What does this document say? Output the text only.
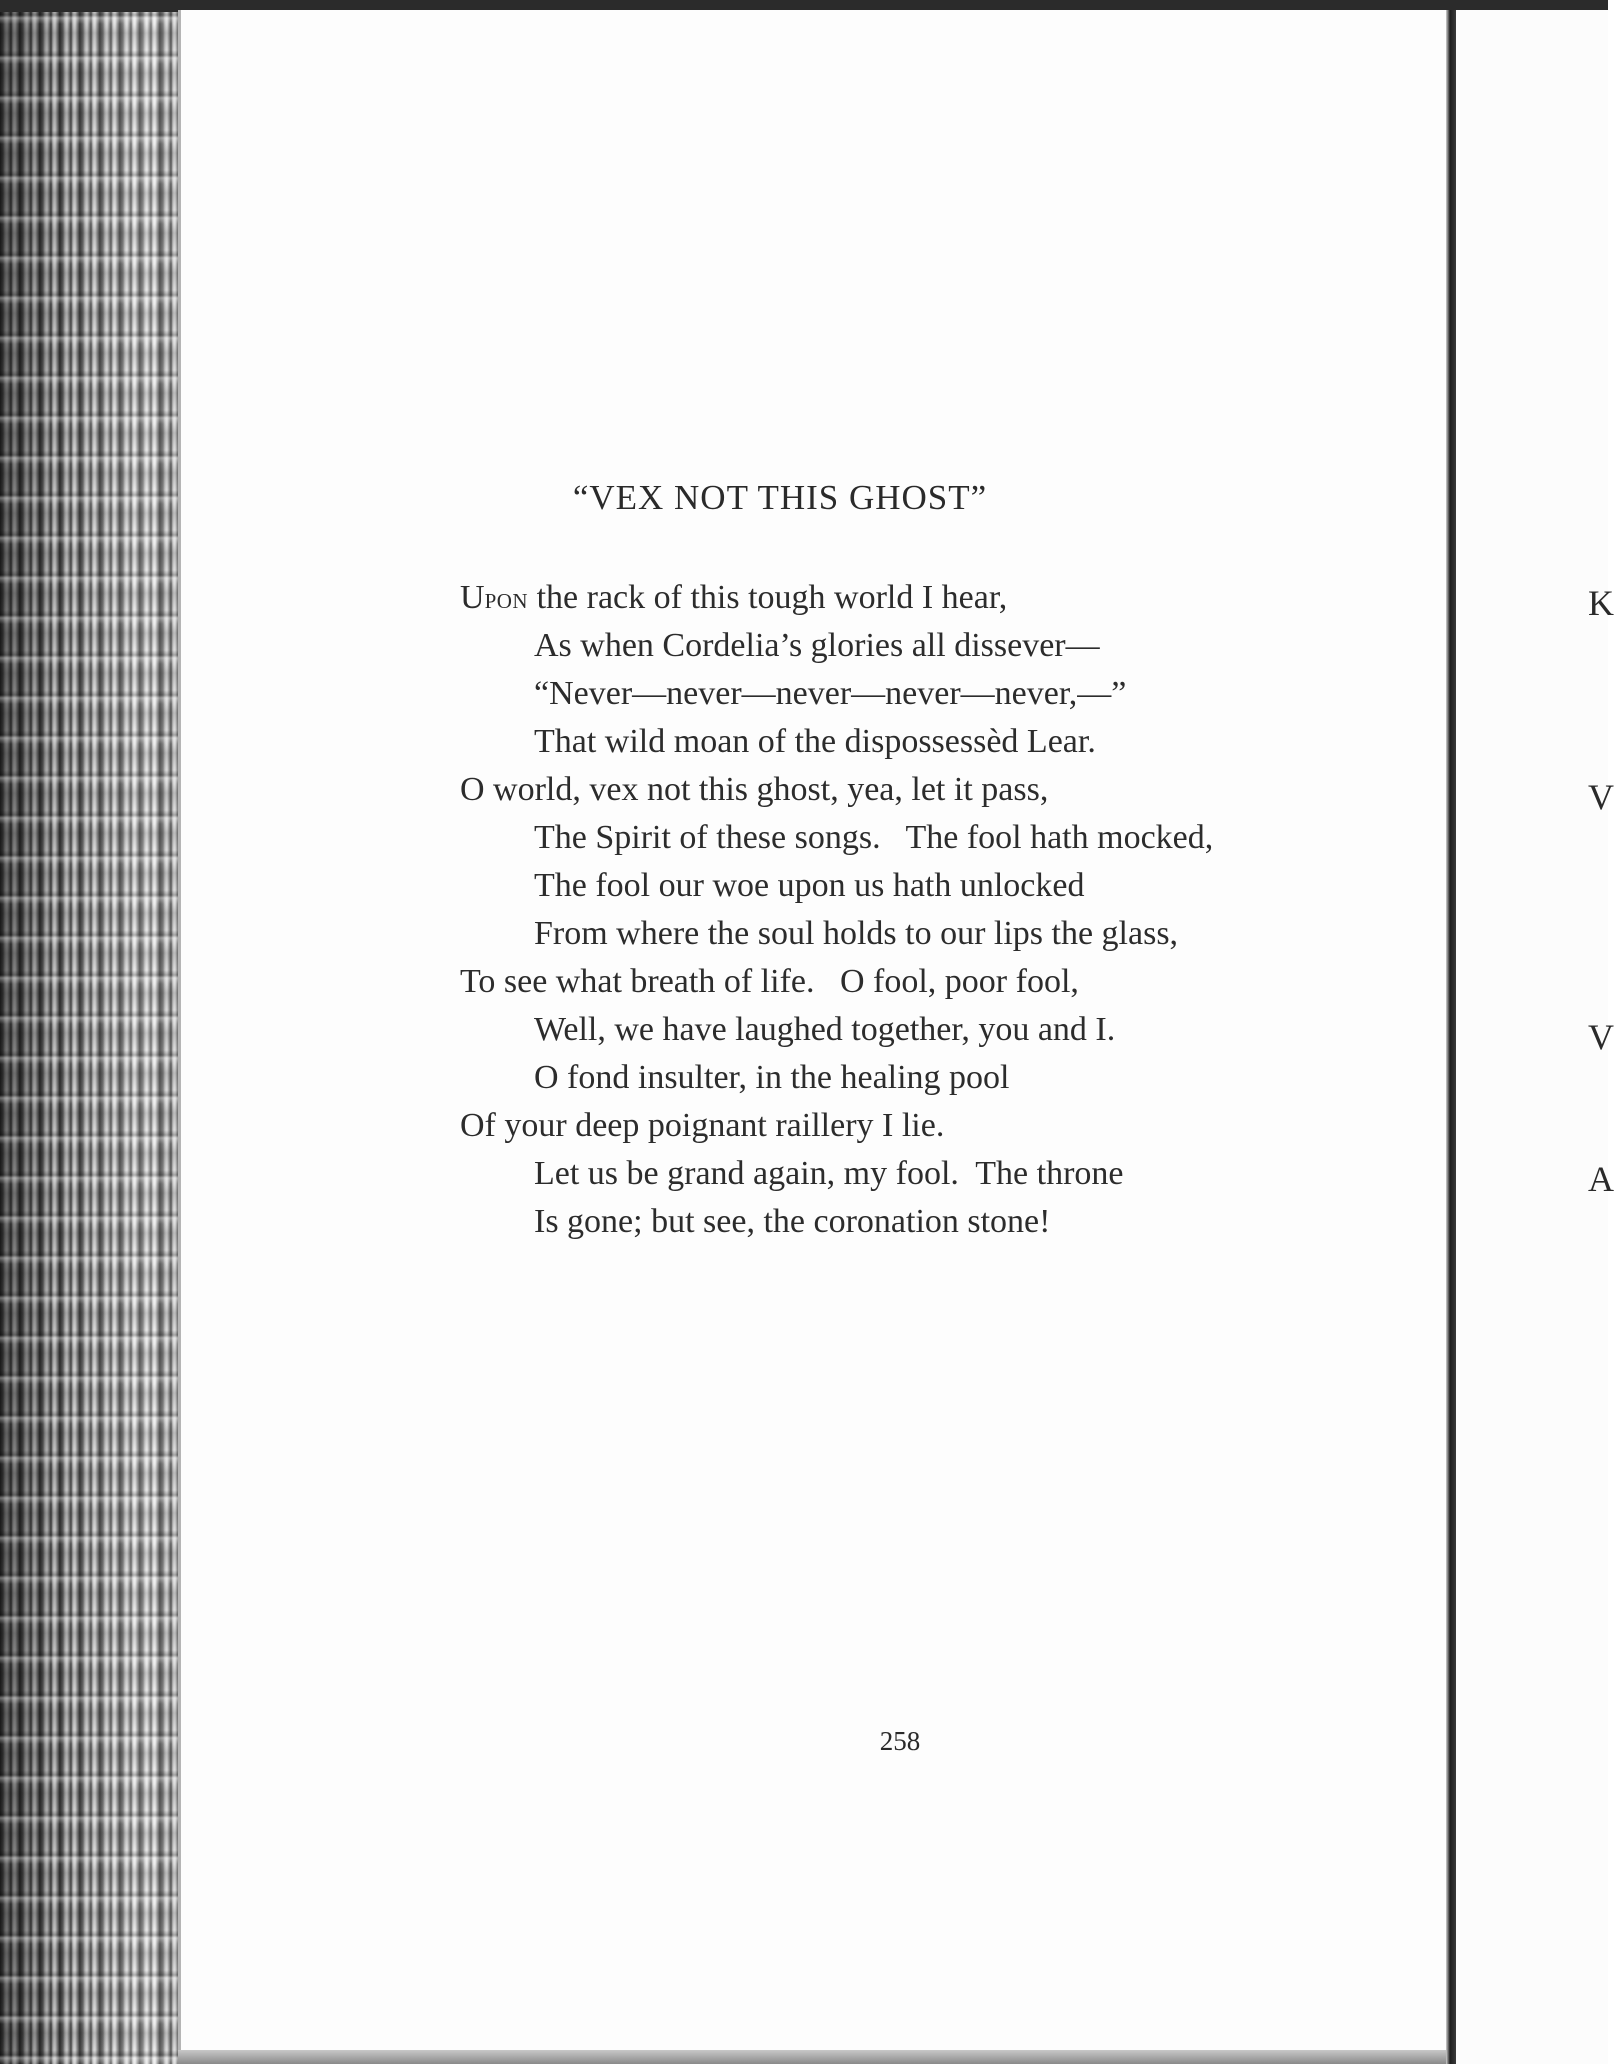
“VEX NOT THIS GHOST”
Upon the rack of this tough world I hear,
As when Cordelia’s glories all dissever—
“Never—never—never—never—never,—”
That wild moan of the dispossessèd Lear.
O world, vex not this ghost, yea, let it pass,
The Spirit of these songs.   The fool hath mocked,
The fool our woe upon us hath unlocked
From where the soul holds to our lips the glass,
To see what breath of life.   O fool, poor fool,
Well, we have laughed together, you and I.
O fond insulter, in the healing pool
Of your deep poignant raillery I lie.
Let us be grand again, my fool.  The throne
Is gone; but see, the coronation stone!
258
K
V
V
A
